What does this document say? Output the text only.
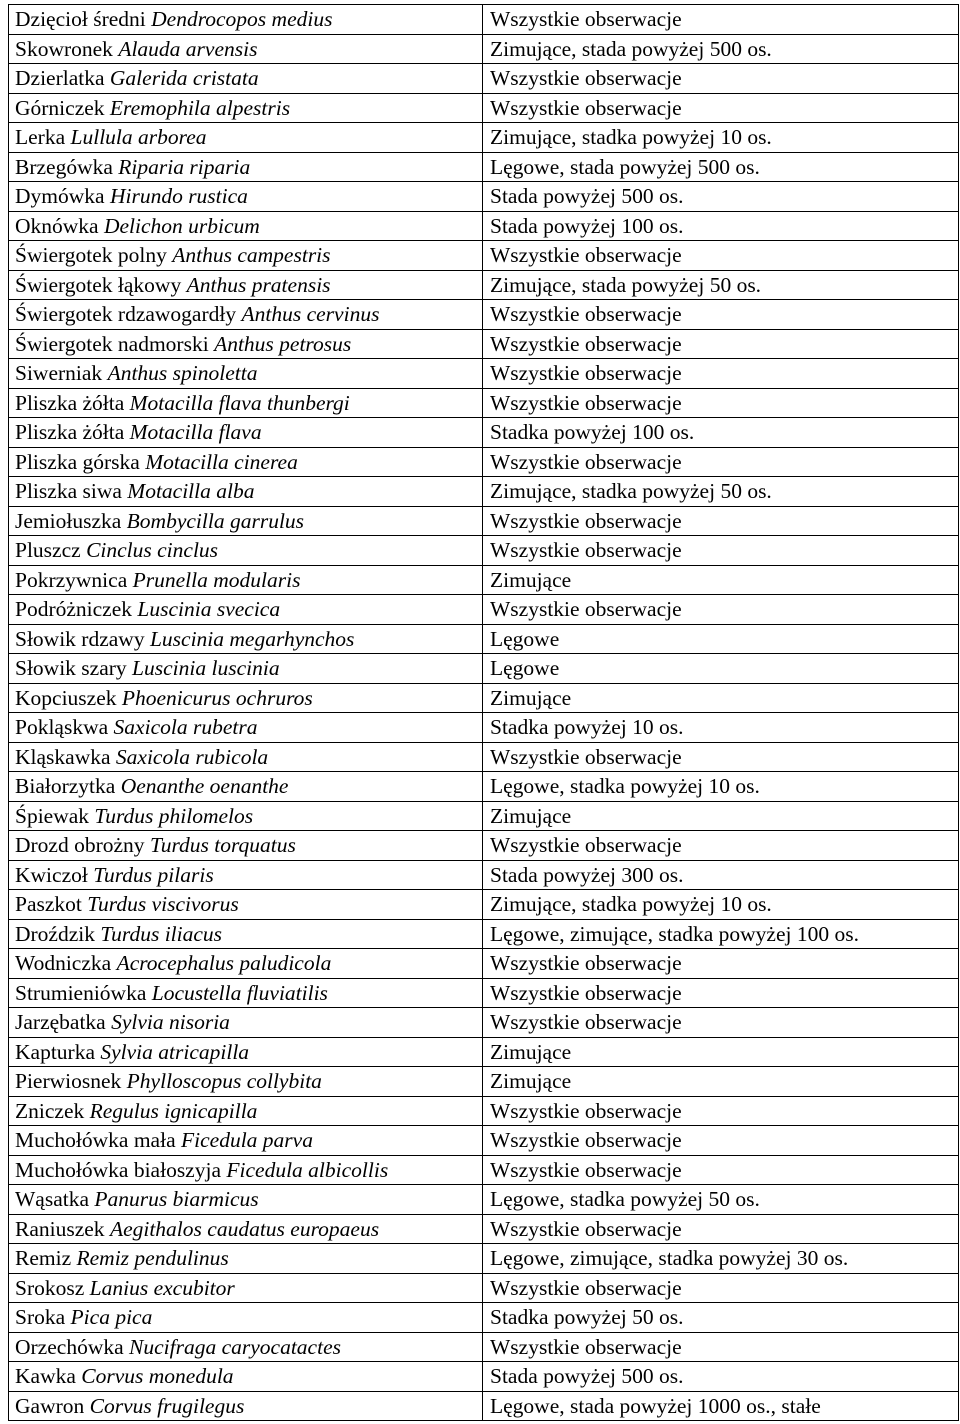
Dzięcioł średni Dendrocopos medius	Wszystkie obserwacje
Skowronek Alauda arvensis	Zimujące, stada powyżej 500 os.
Dzierlatka Galerida cristata	Wszystkie obserwacje
Górniczek Eremophila alpestris	Wszystkie obserwacje
Lerka Lullula arborea	Zimujące, stadka powyżej 10 os.
Brzegówka Riparia riparia	Lęgowe, stada powyżej 500 os.
Dymówka Hirundo rustica	Stada powyżej 500 os.
Oknówka Delichon urbicum	Stada powyżej 100 os.
Świergotek polny Anthus campestris	Wszystkie obserwacje
Świergotek łąkowy Anthus pratensis	Zimujące, stada powyżej 50 os.
Świergotek rdzawogardły Anthus cervinus	Wszystkie obserwacje
Świergotek nadmorski Anthus petrosus	Wszystkie obserwacje
Siwerniak Anthus spinoletta	Wszystkie obserwacje
Pliszka żółta Motacilla flava thunbergi	Wszystkie obserwacje
Pliszka żółta Motacilla flava	Stadka powyżej 100 os.
Pliszka górska Motacilla cinerea	Wszystkie obserwacje
Pliszka siwa Motacilla alba	Zimujące, stadka powyżej 50 os.
Jemiołuszka Bombycilla garrulus	Wszystkie obserwacje
Pluszcz Cinclus cinclus	Wszystkie obserwacje
Pokrzywnica Prunella modularis	Zimujące
Podróżniczek Luscinia svecica	Wszystkie obserwacje
Słowik rdzawy Luscinia megarhynchos	Lęgowe
Słowik szary Luscinia luscinia	Lęgowe
Kopciuszek Phoenicurus ochruros	Zimujące
Pokląskwa Saxicola rubetra	Stadka powyżej 10 os.
Kląskawka Saxicola rubicola	Wszystkie obserwacje
Białorzytka Oenanthe oenanthe	Lęgowe, stadka powyżej 10 os.
Śpiewak Turdus philomelos	Zimujące
Drozd obrożny Turdus torquatus	Wszystkie obserwacje
Kwiczoł Turdus pilaris	Stada powyżej 300 os.
Paszkot Turdus viscivorus	Zimujące, stadka powyżej 10 os.
Droździk Turdus iliacus	Lęgowe, zimujące, stadka powyżej 100 os.
Wodniczka Acrocephalus paludicola	Wszystkie obserwacje
Strumieniówka Locustella fluviatilis	Wszystkie obserwacje
Jarzębatka Sylvia nisoria	Wszystkie obserwacje
Kapturka Sylvia atricapilla	Zimujące
Pierwiosnek Phylloscopus collybita	Zimujące
Zniczek Regulus ignicapilla	Wszystkie obserwacje
Muchołówka mała Ficedula parva	Wszystkie obserwacje
Muchołówka białoszyja Ficedula albicollis	Wszystkie obserwacje
Wąsatka Panurus biarmicus	Lęgowe, stadka powyżej 50 os.
Raniuszek Aegithalos caudatus europaeus	Wszystkie obserwacje
Remiz Remiz pendulinus	Lęgowe, zimujące, stadka powyżej 30 os.
Srokosz Lanius excubitor	Wszystkie obserwacje
Sroka Pica pica	Stadka powyżej 50 os.
Orzechówka Nucifraga caryocatactes	Wszystkie obserwacje
Kawka Corvus monedula	Stada powyżej 500 os.
Gawron Corvus frugilegus	Lęgowe, stada powyżej 1000 os., stałe
